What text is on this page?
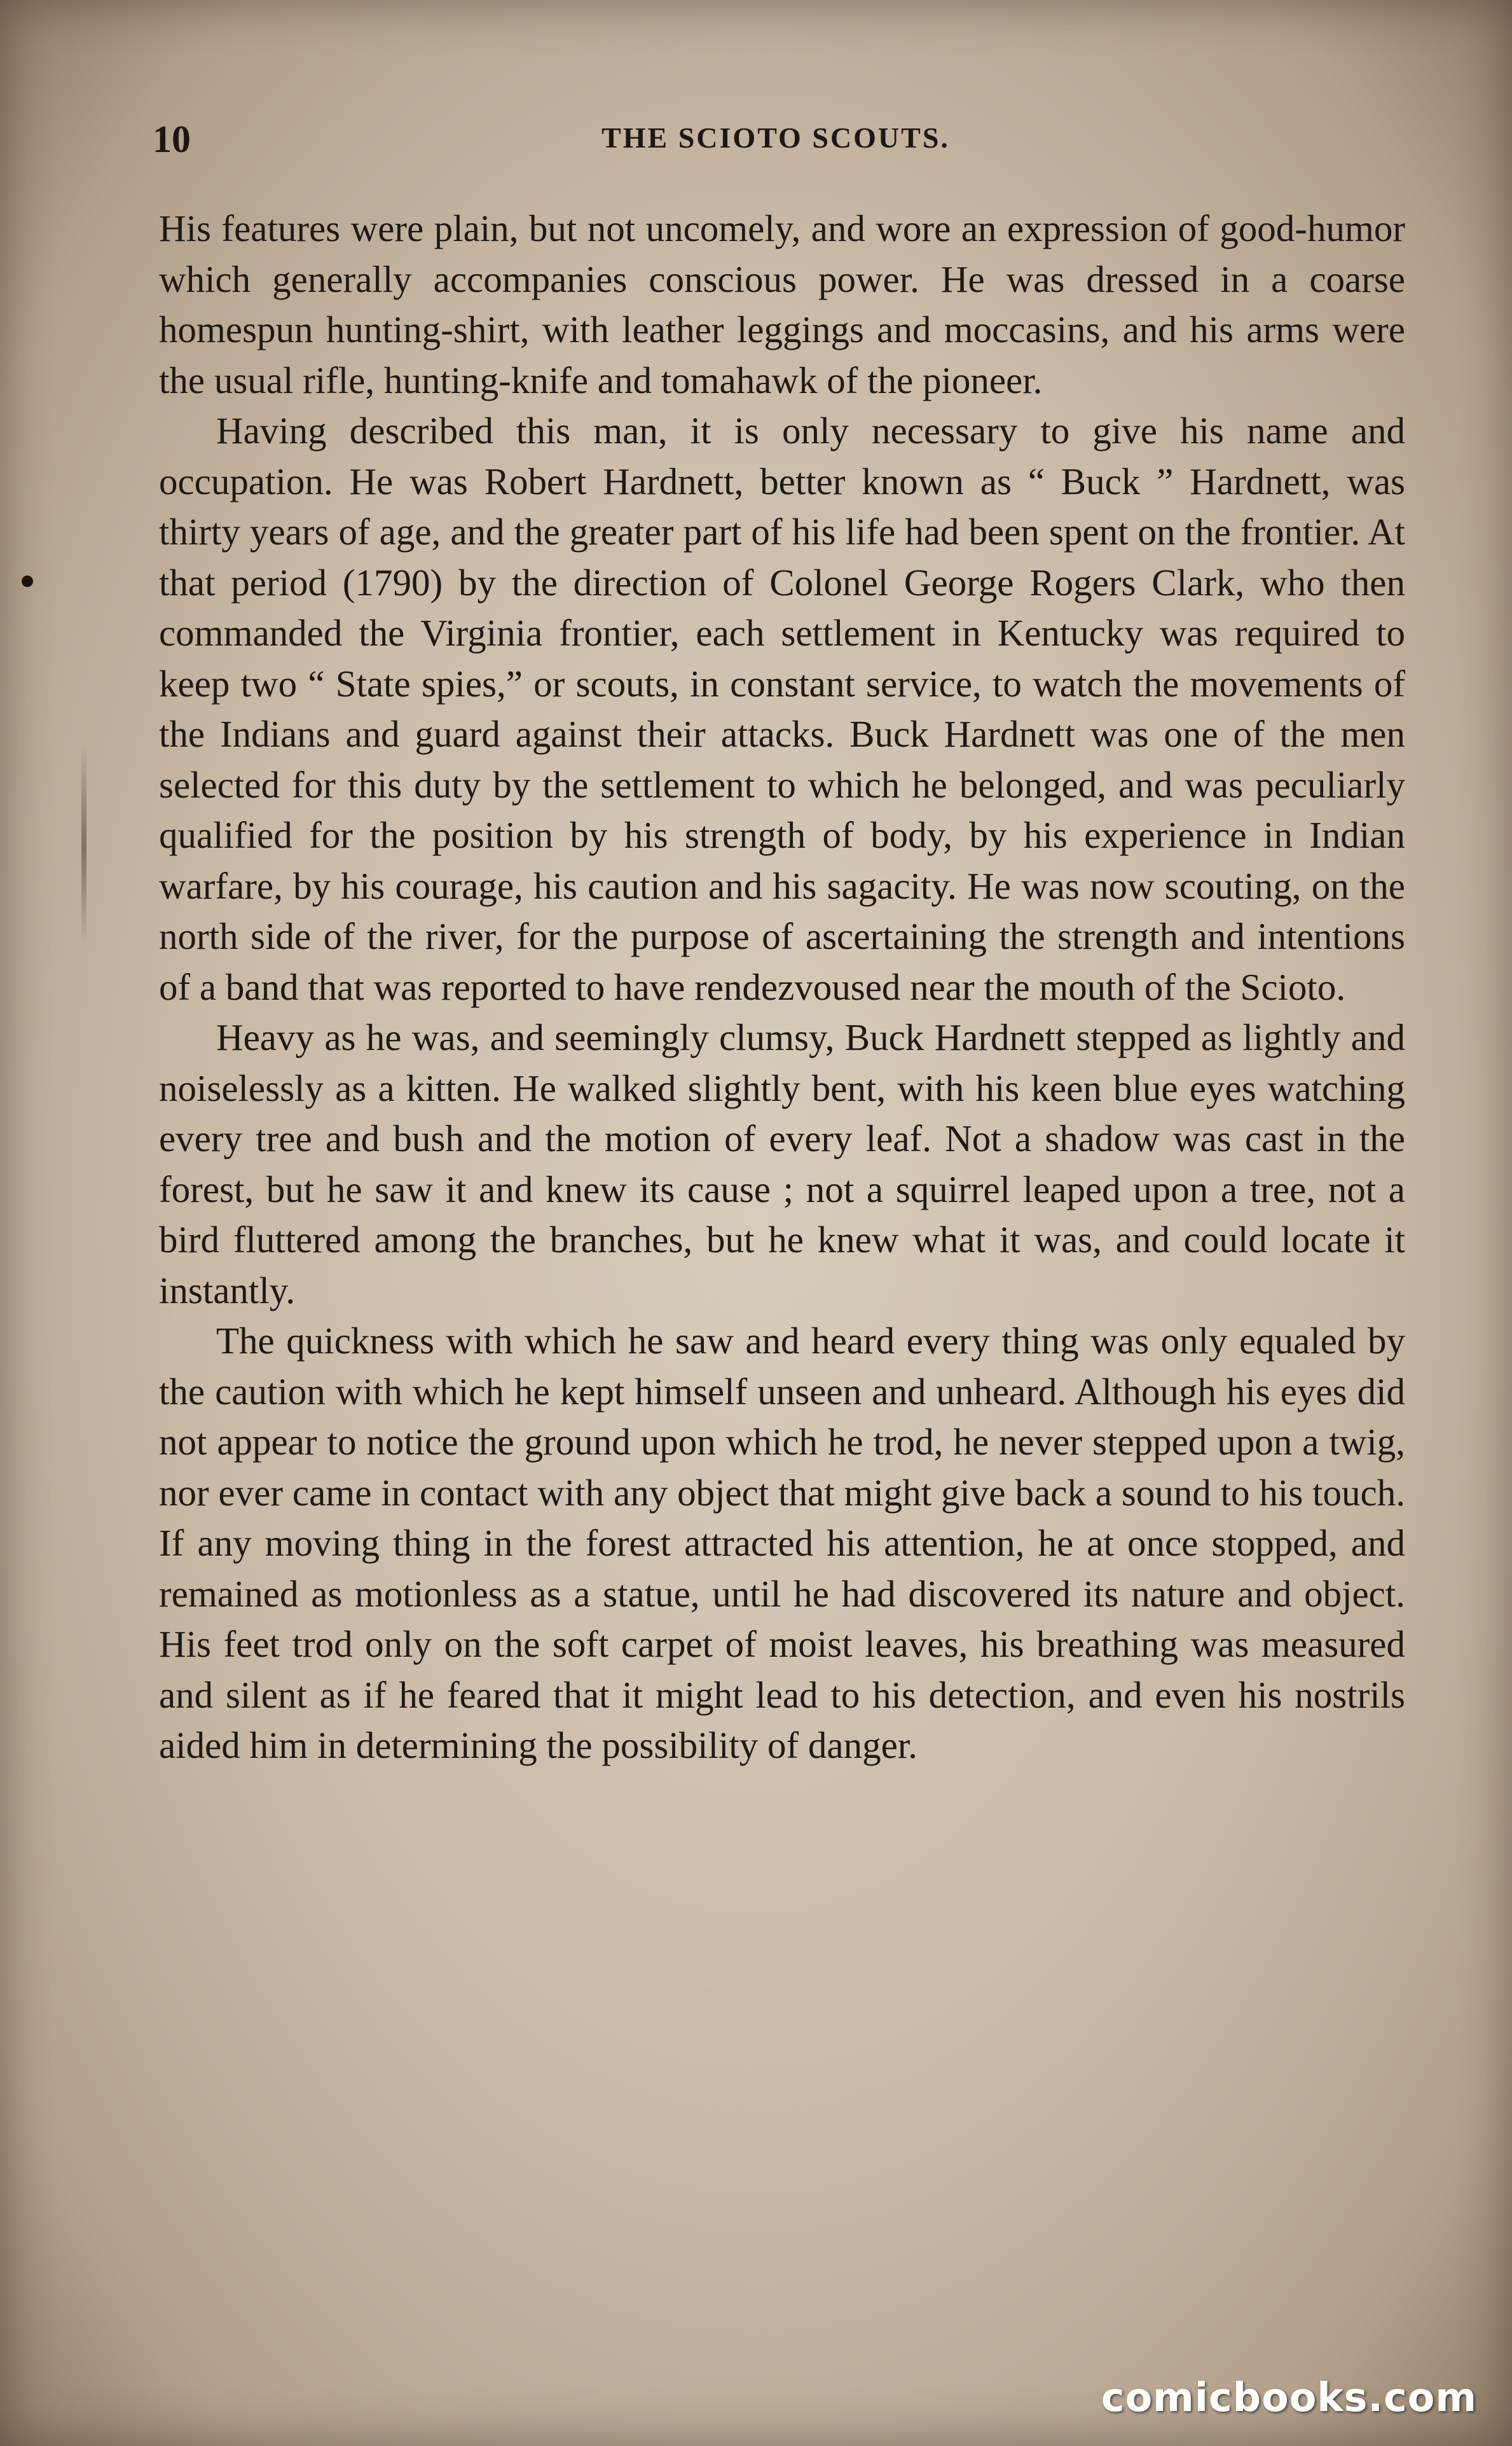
10	THE SCIOTO SCOUTS.

His features were plain, but not uncomely, and wore an expression of good-humor which generally accompanies conscious power. He was dressed in a coarse homespun hunting-shirt, with leather leggings and moccasins, and his arms were the usual rifle, hunting-knife and tomahawk of the pioneer.

Having described this man, it is only necessary to give his name and occupation. He was Robert Hardnett, better known as “ Buck ” Hardnett, was thirty years of age, and the greater part of his life had been spent on the frontier. At that period (1790) by the direction of Colonel George Rogers Clark, who then commanded the Virginia frontier, each settlement in Kentucky was required to keep two “ State spies,” or scouts, in constant service, to watch the movements of the Indians and guard against their attacks. Buck Hardnett was one of the men selected for this duty by the settlement to which he belonged, and was peculiarly qualified for the position by his strength of body, by his experience in Indian warfare, by his courage, his caution and his sagacity. He was now scouting, on the north side of the river, for the purpose of ascertaining the strength and intentions of a band that was reported to have rendezvoused near the mouth of the Scioto.

Heavy as he was, and seemingly clumsy, Buck Hardnett stepped as lightly and noiselessly as a kitten. He walked slightly bent, with his keen blue eyes watching every tree and bush and the motion of every leaf. Not a shadow was cast in the forest, but he saw it and knew its cause ; not a squirrel leaped upon a tree, not a bird fluttered among the branches, but he knew what it was, and could locate it instantly.

The quickness with which he saw and heard every thing was only equaled by the caution with which he kept himself unseen and unheard. Although his eyes did not appear to notice the ground upon which he trod, he never stepped upon a twig, nor ever came in contact with any object that might give back a sound to his touch. If any moving thing in the forest attracted his attention, he at once stopped, and remained as motionless as a statue, until he had discovered its nature and object. His feet trod only on the soft carpet of moist leaves, his breathing was measured and silent as if he feared that it might lead to his detection, and even his nostrils aided him in determining the possibility of danger.

comicbooks.com
